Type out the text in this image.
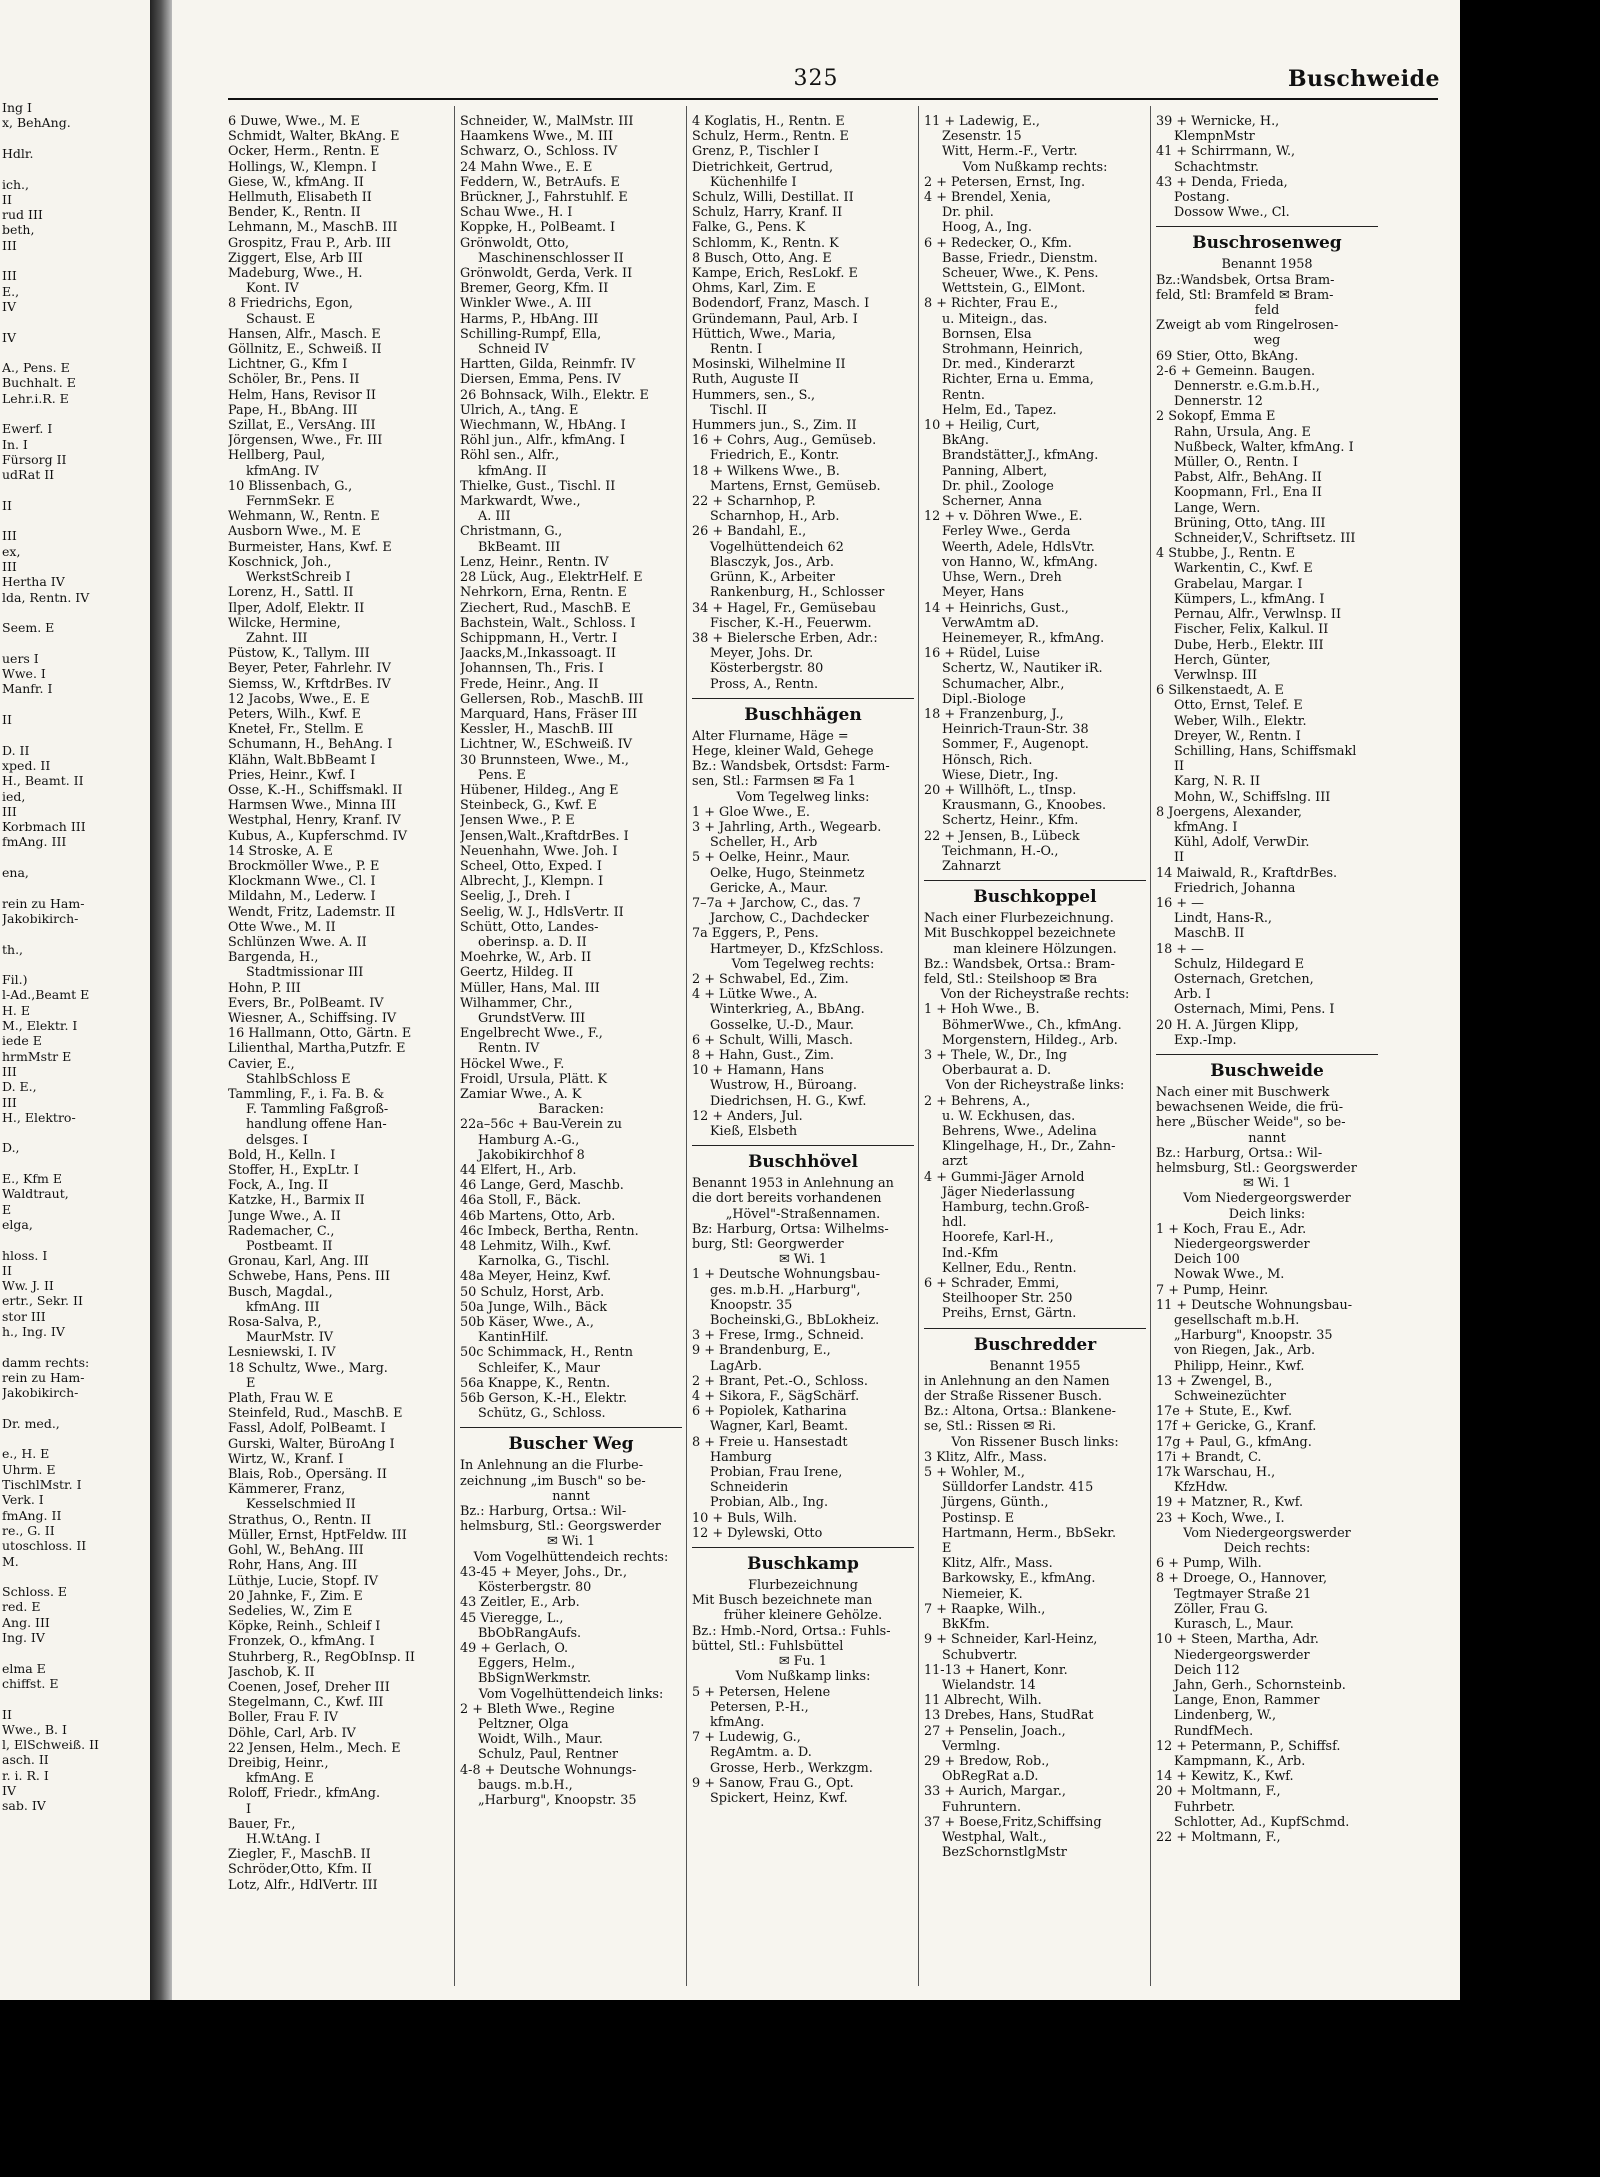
Ing I
x, BehAng.
Hdlr.
ich.,
II
rud III
beth,
III
III
E.,
IV
IV
A., Pens. E
Buchhalt. E
Lehr.i.R. E
Ewerf. I
In. I
Fürsorg II
udRat II
II
III
ex,
III
Hertha IV
lda, Rentn. IV
Seem. E
uers I
Wwe. I
Manfr. I
II
D. II
xped. II
H., Beamt. II
ied,
III
Korbmach III
fmAng. III
ena,
rein zu Ham-
Jakobikirch-
th.,
Fil.)
l-Ad.,Beamt E
H. E
M., Elektr. I
iede E
hrmMstr E
III
D. E.,
III
H., Elektro-
D.,
E., Kfm E
Waldtraut,
E
elga,
hloss. I
II
Ww. J. II
ertr., Sekr. II
stor III
h., Ing. IV
damm rechts:
rein zu Ham-
Jakobikirch-
Dr. med.,
e., H. E
Uhrm. E
TischlMstr. I
Verk. I
fmAng. II
re., G. II
utoschloss. II
M.
Schloss. E
red. E
Ang. III
Ing. IV
elma E
chiffst. E
II
Wwe., B. I
l, ElSchweiß. II
asch. II
r. i. R. I
IV
sab. IV
325	Buschweide
6 Duwe, Wwe., M. E
Schmidt, Walter, BkAng. E
Ocker, Herm., Rentn. E
Hollings, W., Klempn. I
Giese, W., kfmAng. II
Hellmuth, Elisabeth II
Bender, K., Rentn. II
Lehmann, M., MaschB. III
Grospitz, Frau P., Arb. III
Ziggert, Else, Arb III
Madeburg, Wwe., H.
Kont. IV
8 Friedrichs, Egon,
Schaust. E
Hansen, Alfr., Masch. E
Göllnitz, E., Schweiß. II
Lichtner, G., Kfm I
Schöler, Br., Pens. II
Helm, Hans, Revisor II
Pape, H., BbAng. III
Szillat, E., VersAng. III
Jörgensen, Wwe., Fr. III
Hellberg, Paul,
kfmAng. IV
10 Blissenbach, G.,
FernmSekr. E
Wehmann, W., Rentn. E
Ausborn Wwe., M. E
Burmeister, Hans, Kwf. E
Koschnick, Joh.,
WerkstSchreib I
Lorenz, H., Sattl. II
Ilper, Adolf, Elektr. II
Wilcke, Hermine,
Zahnt. III
Püstow, K., Tallym. III
Beyer, Peter, Fahrlehr. IV
Siemss, W., KrftdrBes. IV
12 Jacobs, Wwe., E. E
Peters, Wilh., Kwf. E
Kneteł, Fr., Stellm. E
Schumann, H., BehAng. I
Klähn, Walt.BbBeamt I
Pries, Heinr., Kwf. I
Osse, K.-H., Schiffsmakl. II
Harmsen Wwe., Minna III
Westphal, Henry, Kranf. IV
Kubus, A., Kupferschmd. IV
14 Stroske, A. E
Brockmöller Wwe., P. E
Klockmann Wwe., Cl. I
Mildahn, M., Lederw. I
Wendt, Fritz, Lademstr. II
Otte Wwe., M. II
Schlünzen Wwe. A. II
Bargenda, H.,
Stadtmissionar III
Hohn, P. III
Evers, Br., PolBeamt. IV
Wiesner, A., Schiffsing. IV
16 Hallmann, Otto, Gärtn. E
Lilienthal, Martha,Putzfr. E
Cavier, E.,
StahlbSchloss E
Tammling, F., i. Fa. B. &
F. Tammling Faßgroß-
handlung offene Han-
delsges. I
Bold, H., Kelln. I
Stoffer, H., ExpLtr. I
Fock, A., Ing. II
Katzke, H., Barmix II
Junge Wwe., A. II
Rademacher, C.,
Postbeamt. II
Gronau, Karl, Ang. III
Schwebe, Hans, Pens. III
Busch, Magdal.,
kfmAng. III
Rosa-Salva, P.,
MaurMstr. IV
Lesniewski, I. IV
18 Schultz, Wwe., Marg.
E
Plath, Frau W. E
Steinfeld, Rud., MaschB. E
Fassl, Adolf, PolBeamt. I
Gurski, Walter, BüroAng I
Wirtz, W., Kranf. I
Blais, Rob., Opersäng. II
Kämmerer, Franz,
Kesselschmied II
Strathus, O., Rentn. II
Müller, Ernst, HptFeldw. III
Gohl, W., BehAng. III
Rohr, Hans, Ang. III
Lüthje, Lucie, Stopf. IV
20 Jahnke, F., Zim. E
Sedelies, W., Zim E
Köpke, Reinh., Schleif I
Fronzek, O., kfmAng. I
Stuhrberg, R., RegObInsp. II
Jaschob, K. II
Coenen, Josef, Dreher III
Stegelmann, C., Kwf. III
Boller, Frau F. IV
Döhle, Carl, Arb. IV
22 Jensen, Helm., Mech. E
Dreibig, Heinr.,
kfmAng. E
Roloff, Friedr., kfmAng.
I
Bauer, Fr.,
H.W.tAng. I
Ziegler, F., MaschB. II
Schröder,Otto, Kfm. II
Lotz, Alfr., HdlVertr. III
Schneider, W., MalMstr. III
Haamkens Wwe., M. III
Schwarz, O., Schloss. IV
24 Mahn Wwe., E. E
Feddern, W., BetrAufs. E
Brückner, J., Fahrstuhlf. E
Schau Wwe., H. I
Koppke, H., PolBeamt. I
Grönwoldt, Otto,
Maschinenschlosser II
Grönwoldt, Gerda, Verk. II
Bremer, Georg, Kfm. II
Winkler Wwe., A. III
Harms, P., HbAng. III
Schilling-Rumpf, Ella,
Schneid IV
Hartten, Gilda, Reinmfr. IV
Diersen, Emma, Pens. IV
26 Bohnsack, Wilh., Elektr. E
Ulrich, A., tAng. E
Wiechmann, W., HbAng. I
Röhl jun., Alfr., kfmAng. I
Röhl sen., Alfr.,
kfmAng. II
Thielke, Gust., Tischl. II
Markwardt, Wwe.,
A. III
Christmann, G.,
BkBeamt. III
Lenz, Heinr., Rentn. IV
28 Lück, Aug., ElektrHelf. E
Nehrkorn, Erna, Rentn. E
Ziechert, Rud., MaschB. E
Bachstein, Walt., Schloss. I
Schippmann, H., Vertr. I
Jaacks,M.,Inkassoagt. II
Johannsen, Th., Fris. I
Frede, Heinr., Ang. II
Gellersen, Rob., MaschB. III
Marquard, Hans, Fräser III
Kessler, H., MaschB. III
Lichtner, W., ESchweiß. IV
30 Brunnsteen, Wwe., M.,
Pens. E
Hübener, Hildeg., Ang E
Steinbeck, G., Kwf. E
Jensen Wwe., P. E
Jensen,Walt.,KraftdrBes. I
Neuenhahn, Wwe. Joh. I
Scheel, Otto, Exped. I
Albrecht, J., Klempn. I
Seelig, J., Dreh. I
Seelig, W. J., HdlsVertr. II
Schütt, Otto, Landes-
oberinsp. a. D. II
Moehrke, W., Arb. II
Geertz, Hildeg. II
Müller, Hans, Mal. III
Wilhammer, Chr.,
GrundstVerw. III
Engelbrecht Wwe., F.,
Rentn. IV
Höckel Wwe., F.
Froidl, Ursula, Plätt. K
Zamiar Wwe., A. K
Baracken:
22a–56c + Bau-Verein zu
Hamburg A.-G.,
Jakobikirchhof 8
44 Elfert, H., Arb.
46 Lange, Gerd, Maschb.
46a Stoll, F., Bäck.
46b Martens, Otto, Arb.
46c Imbeck, Bertha, Rentn.
48 Lehmitz, Wilh., Kwf.
Karnolka, G., Tischl.
48a Meyer, Heinz, Kwf.
50 Schulz, Horst, Arb.
50a Junge, Wilh., Bäck
50b Käser, Wwe., A.,
KantinHilf.
50c Schimmack, H., Rentn
Schleifer, K., Maur
56a Knappe, K., Rentn.
56b Gerson, K.-H., Elektr.
Schütz, G., Schloss.
Buscher Weg
In Anlehnung an die Flurbe-
zeichnung „im Busch" so be-
nannt
Bz.: Harburg, Ortsa.: Wil-
helmsburg, Stl.: Georgswerder
✉ Wi. 1
Vom Vogelhüttendeich rechts:
43-45 + Meyer, Johs., Dr.,
Kösterbergstr. 80
43 Zeitler, E., Arb.
45 Vieregge, L.,
BbObRangAufs.
49 + Gerlach, O.
Eggers, Helm.,
BbSignWerkmstr.
Vom Vogelhüttendeich links:
2 + Bleth Wwe., Regine
Peltzner, Olga
Woidt, Wilh., Maur.
Schulz, Paul, Rentner
4-8 + Deutsche Wohnungs-
baugs. m.b.H.,
„Harburg", Knoopstr. 35
4 Koglatis, H., Rentn. E
Schulz, Herm., Rentn. E
Grenz, P., Tischler I
Dietrichkeit, Gertrud,
Küchenhilfe I
Schulz, Willi, Destillat. II
Schulz, Harry, Kranf. II
Falke, G., Pens. K
Schlomm, K., Rentn. K
8 Busch, Otto, Ang. E
Kampe, Erich, ResLokf. E
Ohms, Karl, Zim. E
Bodendorf, Franz, Masch. I
Gründemann, Paul, Arb. I
Hüttich, Wwe., Maria,
Rentn. I
Mosinski, Wilhelmine II
Ruth, Auguste II
Hummers, sen., S.,
Tischl. II
Hummers jun., S., Zim. II
16 + Cohrs, Aug., Gemüseb.
Friedrich, E., Kontr.
18 + Wilkens Wwe., B.
Martens, Ernst, Gemüseb.
22 + Scharnhop, P.
Scharnhop, H., Arb.
26 + Bandahl, E.,
Vogelhüttendeich 62
Blasczyk, Jos., Arb.
Grünn, K., Arbeiter
Rankenburg, H., Schlosser
34 + Hagel, Fr., Gemüsebau
Fischer, K.-H., Feuerwm.
38 + Bielersche Erben, Adr.:
Meyer, Johs. Dr.
Kösterbergstr. 80
Pross, A., Rentn.
Buschhägen
Alter Flurname, Häge =
Hege, kleiner Wald, Gehege
Bz.: Wandsbek, Ortsdst: Farm-
sen, Stl.: Farmsen ✉ Fa 1
Vom Tegelweg links:
1 + Gloe Wwe., E.
3 + Jahrling, Arth., Wegearb.
Scheller, H., Arb
5 + Oelke, Heinr., Maur.
Oelke, Hugo, Steinmetz
Gericke, A., Maur.
7–7a + Jarchow, C., das. 7
Jarchow, C., Dachdecker
7a Eggers, P., Pens.
Hartmeyer, D., KfzSchloss.
Vom Tegelweg rechts:
2 + Schwabel, Ed., Zim.
4 + Lütke Wwe., A.
Winterkrieg, A., BbAng.
Gosselke, U.-D., Maur.
6 + Schult, Willi, Masch.
8 + Hahn, Gust., Zim.
10 + Hamann, Hans
Wustrow, H., Büroang.
Diedrichsen, H. G., Kwf.
12 + Anders, Jul.
Kieß, Elsbeth
Buschhövel
Benannt 1953 in Anlehnung an
die dort bereits vorhandenen
„Hövel"-Straßennamen.
Bz: Harburg, Ortsa: Wilhelms-
burg, Stl: Georgwerder
✉ Wi. 1
1 + Deutsche Wohnungsbau-
ges. m.b.H. „Harburg",
Knoopstr. 35
Bocheinski,G., BbLokheiz.
3 + Frese, Irmg., Schneid.
9 + Brandenburg, E.,
LagArb.
2 + Brant, Pet.-O., Schloss.
4 + Sikora, F., SägSchärf.
6 + Popiolek, Katharina
Wagner, Karl, Beamt.
8 + Freie u. Hansestadt
Hamburg
Probian, Frau Irene,
Schneiderin
Probian, Alb., Ing.
10 + Buls, Wilh.
12 + Dylewski, Otto
Buschkamp
Flurbezeichnung
Mit Busch bezeichnete man
früher kleinere Gehölze.
Bz.: Hmb.-Nord, Ortsa.: Fuhls-
büttel, Stl.: Fuhlsbüttel
✉ Fu. 1
Vom Nußkamp links:
5 + Petersen, Helene
Petersen, P.-H.,
kfmAng.
7 + Ludewig, G.,
RegAmtm. a. D.
Grosse, Herb., Werkzgm.
9 + Sanow, Frau G., Opt.
Spickert, Heinz, Kwf.
11 + Ladewig, E.,
Zesenstr. 15
Witt, Herm.-F., Vertr.
Vom Nußkamp rechts:
2 + Petersen, Ernst, Ing.
4 + Brendel, Xenia,
Dr. phil.
Hoog, A., Ing.
6 + Redecker, O., Kfm.
Basse, Friedr., Dienstm.
Scheuer, Wwe., K. Pens.
Wettstein, G., ElMont.
8 + Richter, Frau E.,
u. Miteign., das.
Bornsen, Elsa
Strohmann, Heinrich,
Dr. med., Kinderarzt
Richter, Erna u. Emma,
Rentn.
Helm, Ed., Tapez.
10 + Heilig, Curt,
BkAng.
Brandstätter,J., kfmAng.
Panning, Albert,
Dr. phil., Zoologe
Scherner, Anna
12 + v. Döhren Wwe., E.
Ferley Wwe., Gerda
Weerth, Adele, HdlsVtr.
von Hanno, W., kfmAng.
Uhse, Wern., Dreh
Meyer, Hans
14 + Heinrichs, Gust.,
VerwAmtm aD.
Heinemeyer, R., kfmAng.
16 + Rüdel, Luise
Schertz, W., Nautiker iR.
Schumacher, Albr.,
Dipl.-Biologe
18 + Franzenburg, J.,
Heinrich-Traun-Str. 38
Sommer, F., Augenopt.
Hönsch, Rich.
Wiese, Dietr., Ing.
20 + Willhöft, L., tInsp.
Krausmann, G., Knoobes.
Schertz, Heinr., Kfm.
22 + Jensen, B., Lübeck
Teichmann, H.-O.,
Zahnarzt
Buschkoppel
Nach einer Flurbezeichnung.
Mit Buschkoppel bezeichnete
man kleinere Hölzungen.
Bz.: Wandsbek, Ortsa.: Bram-
feld, Stl.: Steilshoop ✉ Bra
Von der Richeystraße rechts:
1 + Hoh Wwe., B.
BöhmerWwe., Ch., kfmAng.
Morgenstern, Hildeg., Arb.
3 + Thele, W., Dr., Ing
Oberbaurat a. D.
Von der Richeystraße links:
2 + Behrens, A.,
u. W. Eckhusen, das.
Behrens, Wwe., Adelina
Klingelhage, H., Dr., Zahn-
arzt
4 + Gummi-Jäger Arnold
Jäger Niederlassung
Hamburg, techn.Groß-
hdl.
Hoorefe, Karl-H.,
Ind.-Kfm
Kellner, Edu., Rentn.
6 + Schrader, Emmi,
Steilhooper Str. 250
Preihs, Ernst, Gärtn.
Buschredder
Benannt 1955
in Anlehnung an den Namen
der Straße Rissener Busch.
Bz.: Altona, Ortsa.: Blankene-
se, Stl.: Rissen ✉ Ri.
Von Rissener Busch links:
3 Klitz, Alfr., Mass.
5 + Wohler, M.,
Sülldorfer Landstr. 415
Jürgens, Günth.,
Postinsp. E
Hartmann, Herm., BbSekr.
E
Klitz, Alfr., Mass.
Barkowsky, E., kfmAng.
Niemeier, K.
7 + Raapke, Wilh.,
BkKfm.
9 + Schneider, Karl-Heinz,
Schubvertr.
11-13 + Hanert, Konr.
Wielandstr. 14
11 Albrecht, Wilh.
13 Drebes, Hans, StudRat
27 + Penselin, Joach.,
Vermlng.
29 + Bredow, Rob.,
ObRegRat a.D.
33 + Aurich, Margar.,
Fuhruntern.
37 + Boese,Fritz,Schiffsing
Westphal, Walt.,
BezSchornstlgMstr
39 + Wernicke, H.,
KlempnMstr
41 + Schirrmann, W.,
Schachtmstr.
43 + Denda, Frieda,
Postang.
Dossow Wwe., Cl.
Buschrosenweg
Benannt 1958
Bz.:Wandsbek, Ortsa Bram-
feld, Stl: Bramfeld ✉ Bram-
feld
Zweigt ab vom Ringelrosen-
weg
69 Stier, Otto, BkAng.
2-6 + Gemeinn. Baugen.
Dennerstr. e.G.m.b.H.,
Dennerstr. 12
2 Sokopf, Emma E
Rahn, Ursula, Ang. E
Nußbeck, Walter, kfmAng. I
Müller, O., Rentn. I
Pabst, Alfr., BehAng. II
Koopmann, Frl., Ena II
Lange, Wern.
Brüning, Otto, tAng. III
Schneider,V., Schriftsetz. III
4 Stubbe, J., Rentn. E
Warkentin, C., Kwf. E
Grabelau, Margar. I
Kümpers, L., kfmAng. I
Pernau, Alfr., Verwlnsp. II
Fischer, Felix, Kalkul. II
Dube, Herb., Elektr. III
Herch, Günter,
Verwlnsp. III
6 Silkenstaedt, A. E
Otto, Ernst, Telef. E
Weber, Wilh., Elektr.
Dreyer, W., Rentn. I
Schilling, Hans, Schiffsmakl
II
Karg, N. R. II
Mohn, W., Schiffslng. III
8 Joergens, Alexander,
kfmAng. I
Kühl, Adolf, VerwDir.
II
14 Maiwald, R., KraftdrBes.
Friedrich, Johanna
16 + —
Lindt, Hans-R.,
MaschB. II
18 + —
Schulz, Hildegard E
Osternach, Gretchen,
Arb. I
Osternach, Mimi, Pens. I
20 H. A. Jürgen Klipp,
Exp.-Imp.
Buschweide
Nach einer mit Buschwerk
bewachsenen Weide, die frü-
here „Büscher Weide", so be-
nannt
Bz.: Harburg, Ortsa.: Wil-
helmsburg, Stl.: Georgswerder
✉ Wi. 1
Vom Niedergeorgswerder
Deich links:
1 + Koch, Frau E., Adr.
Niedergeorgswerder
Deich 100
Nowak Wwe., M.
7 + Pump, Heinr.
11 + Deutsche Wohnungsbau-
gesellschaft m.b.H.
„Harburg", Knoopstr. 35
von Riegen, Jak., Arb.
Philipp, Heinr., Kwf.
13 + Zwengel, B.,
Schweinezüchter
17e + Stute, E., Kwf.
17f + Gericke, G., Kranf.
17g + Paul, G., kfmAng.
17i + Brandt, C.
17k Warschau, H.,
KfzHdw.
19 + Matzner, R., Kwf.
23 + Koch, Wwe., I.
Vom Niedergeorgswerder
Deich rechts:
6 + Pump, Wilh.
8 + Droege, O., Hannover,
Tegtmayer Straße 21
Zöller, Frau G.
Kurasch, L., Maur.
10 + Steen, Martha, Adr.
Niedergeorgswerder
Deich 112
Jahn, Gerh., Schornsteinb.
Lange, Enon, Rammer
Lindenberg, W.,
RundfMech.
12 + Petermann, P., Schiffsf.
Kampmann, K., Arb.
14 + Kewitz, K., Kwf.
20 + Moltmann, F.,
Fuhrbetr.
Schlotter, Ad., KupfSchmd.
22 + Moltmann, F.,
